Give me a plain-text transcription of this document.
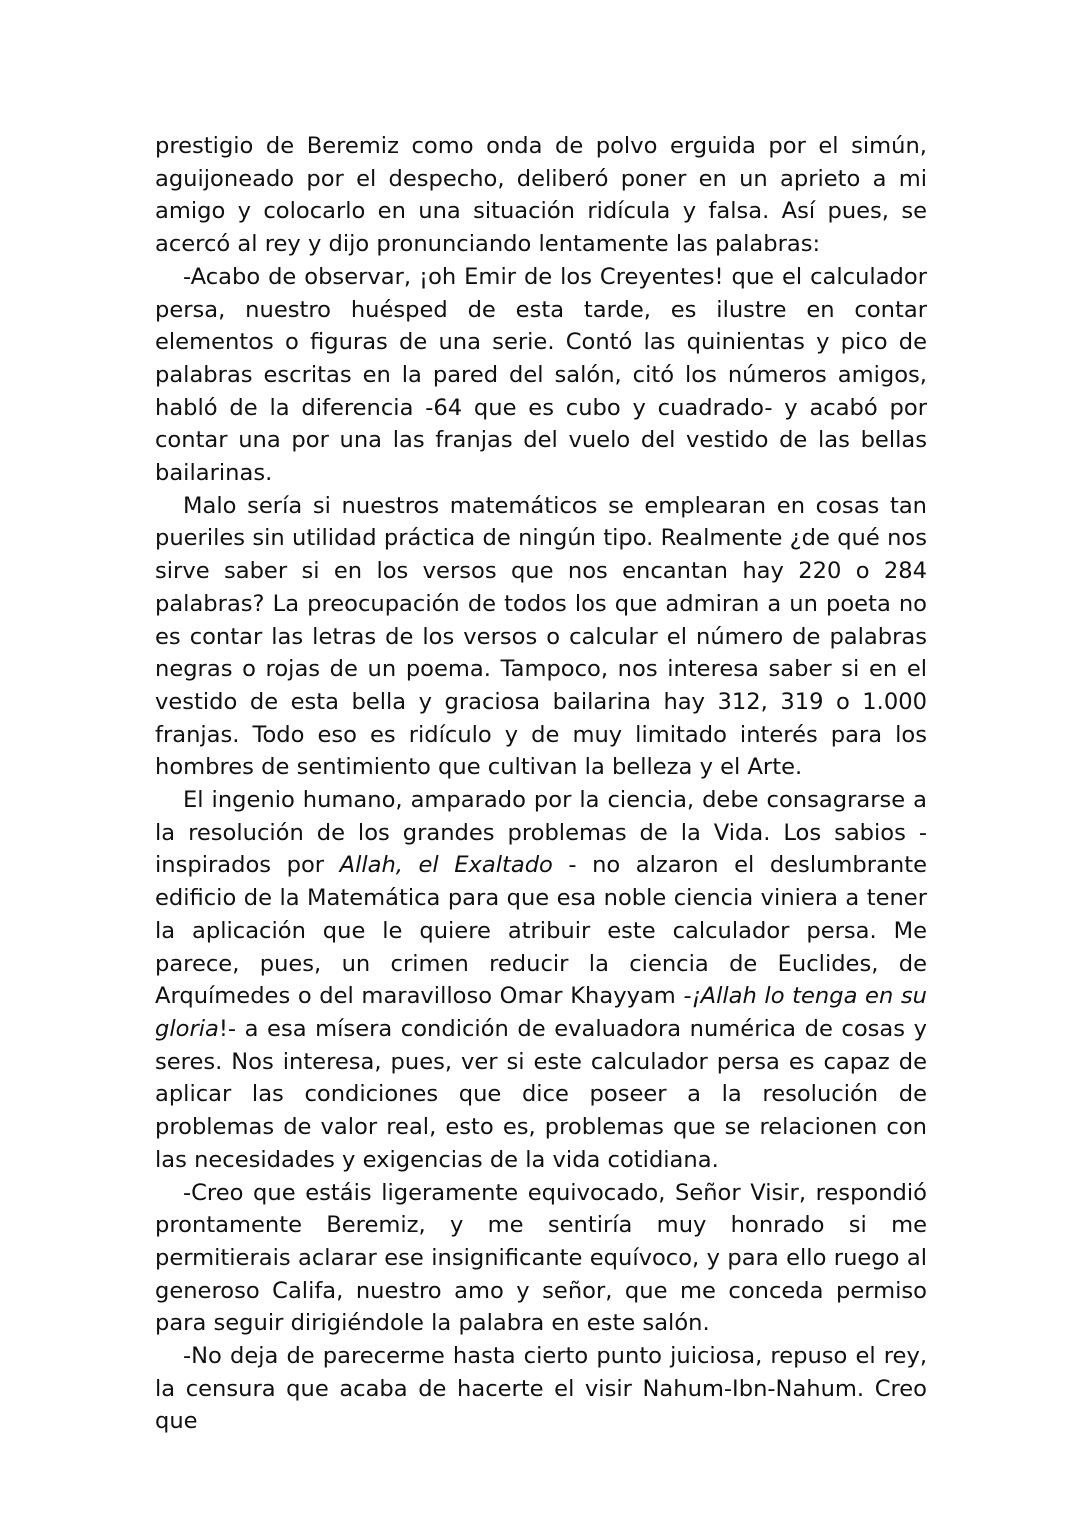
prestigio de Beremiz como onda de polvo erguida por el simún, aguijoneado por el despecho, deliberó poner en un aprieto a mi amigo y colocarlo en una situación ridícula y falsa. Así pues, se acercó al rey y dijo pronunciando lentamente las palabras:

-Acabo de observar, ¡oh Emir de los Creyentes! que el calculador persa, nuestro huésped de esta tarde, es ilustre en contar elementos o figuras de una serie. Contó las quinientas y pico de palabras escritas en la pared del salón, citó los números amigos, habló de la diferencia -64 que es cubo y cuadrado- y acabó por contar una por una las franjas del vuelo del vestido de las bellas bailarinas.

Malo sería si nuestros matemáticos se emplearan en cosas tan pueriles sin utilidad práctica de ningún tipo. Realmente ¿de qué nos sirve saber si en los versos que nos encantan hay 220 o 284 palabras? La preocupación de todos los que admiran a un poeta no es contar las letras de los versos o calcular el número de palabras negras o rojas de un poema. Tampoco, nos interesa saber si en el vestido de esta bella y graciosa bailarina hay 312, 319 o 1.000 franjas. Todo eso es ridículo y de muy limitado interés para los hombres de sentimiento que cultivan la belleza y el Arte.

El ingenio humano, amparado por la ciencia, debe consagrarse a la resolución de los grandes problemas de la Vida. Los sabios -inspirados por Allah, el Exaltado - no alzaron el deslumbrante edificio de la Matemática para que esa noble ciencia viniera a tener la aplicación que le quiere atribuir este calculador persa. Me parece, pues, un crimen reducir la ciencia de Euclides, de Arquímedes o del maravilloso Omar Khayyam -¡Allah lo tenga en su gloria!- a esa mísera condición de evaluadora numérica de cosas y seres. Nos interesa, pues, ver si este calculador persa es capaz de aplicar las condiciones que dice poseer a la resolución de problemas de valor real, esto es, problemas que se relacionen con las necesidades y exigencias de la vida cotidiana.

-Creo que estáis ligeramente equivocado, Señor Visir, respondió prontamente Beremiz, y me sentiría muy honrado si me permitierais aclarar ese insignificante equívoco, y para ello ruego al generoso Califa, nuestro amo y señor, que me conceda permiso para seguir dirigiéndole la palabra en este salón.

-No deja de parecerme hasta cierto punto juiciosa, repuso el rey, la censura que acaba de hacerte el visir Nahum-Ibn-Nahum. Creo que
